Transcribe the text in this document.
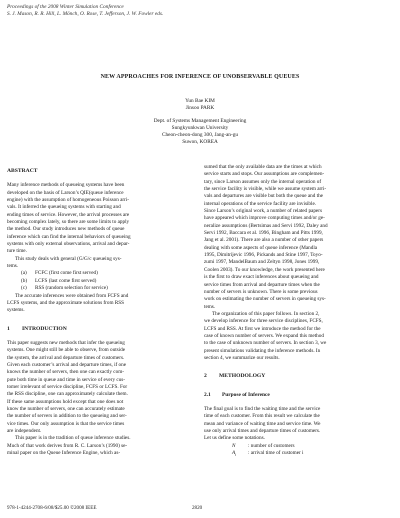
Proceedings of the 2008 Winter Simulation Conference
S. J. Mason, R. R. Hill, L. Mönch, O. Rose, T. Jefferson, J. W. Fowler eds.
NEW APPROACHES FOR INFERENCE OF UNOBSERVABLE QUEUES
Yun Bae KIM
Jinsoo PARK
Dept. of Systems Management Engineering
Sungkyunkwan University
Cheon-cheon-dong 300, Jang-an-gu
Suwon, KOREA
ABSTRACT
Many inference methods of queueing systems have been
developed on the basis of Larson’s QIE(queue inference
engine) with the assumption of homogeneous Poisson arri-
vals. It inferred the queueing systems with starting and
ending times of service. However, the arrival processes are
becoming complex lately, so there are some limits to apply
the method. Our study introduces new methods of queue
inference which can find the internal behaviors of queueing
systems with only external observations, arrival and depar-
ture time.
This study deals with general (G/G/c queueing sys-
tems.
(a) FCFC (first come first served)
(b) LCFS (last come first served)
(c) RSS (random selection for service)
The accurate inferences were obtained from FCFS and
LCFS systems, and the approximate solutions from RSS
systems.
1 INTRODUCTION
This paper suggests new methods that infer the queueing
systems. One might still be able to observe, from outside
the system, the arrival and departure times of customers.
Given each customer’s arrival and departure times, if one
knows the number of servers, then one can exactly com-
pute both time in queue and time in service of every cus-
tomer irrelevant of service discipline, FCFS or LCFS. For
the RSS discipline, one can approximately calculate them.
If these same assumptions hold except that one does not
know the number of servers, one can accurately estimate
the number of servers in addition to the queueing and ser-
vice times. Our only assumption is that the service times
are independent.
This paper is in the tradition of queue inference studies.
Much of that work derives from R. C. Larson’s (1990) se-
minal paper on the Queue Inference Engine, which as-
sumed that the only available data are the times at which
service starts and stops. Our assumptions are complemen-
tary, since Larson assumes only the internal operation of
the service facility is visible, while we assume system arri-
vals and departures are visible but both the queue and the
internal operations of the service facility are invisible.
Since Larson’s original work, a number of related papers
have appeared which improve computing times and/or ge-
neralize assumptions (Bertsimas and Servi 1992, Daley and
Servi 1992, Baccara et al. 1996, Bingham and Pitts 1999,
Jang et al. 2001). There are also a number of other papers
dealing with some aspects of queue inference (Mandla
1995, Dimitrijevic 1996, Pickands and Stine 1997, Toyo-
zumi 1997, MandelBaum and Zeltyn 1998, Jones 1999,
Coolen 2003). To our knowledge, the work presented here
is the first to draw exact inferences about queueing and
service times from arrival and departure times when the
number of servers is unknown. There is some previous
work on estimating the number of servers in queueing sys-
tems.
The organization of this paper follows. In section 2,
we develop inference for three service disciplines, FCFS,
LCFS and RSS. At first we introduce the method for the
case of known number of servers. We expand this method
to the case of unknown number of servers. In section 3, we
present simulations validating the inference methods. In
section 4, we summarize our results.
2 METHODOLOGY
2.1 Purpose of Inference
The final goal is to find the waiting time and the service
time of each customer. From this result we calculate the
mean and variance of waiting time and service time. We
use only arrival times and departure times of customers.
Let us define some notations.
N : number of customers
$A_i$ : arrival time of customer i
978-1-4244-2708-6/08/$25.00 ©2008 IEEE	2820
